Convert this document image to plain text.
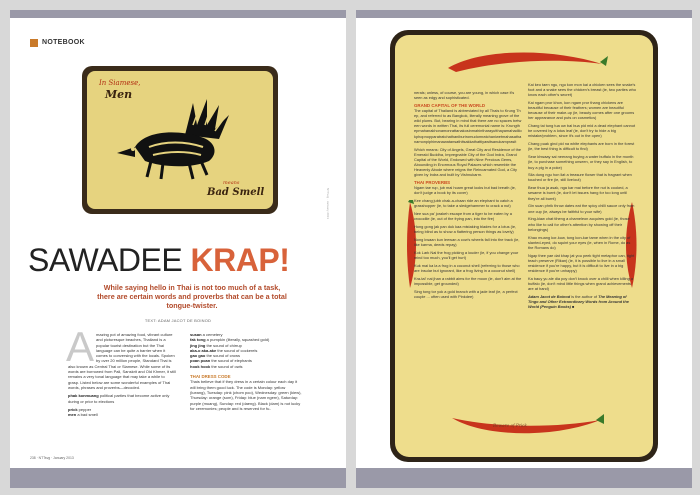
NOTEBOOK
In Siamese,
Men
means
Bad Smell
SAWADEE KRAP!
While saying hello in Thai is not too much of a task, there are certain words and proverbs that can be a total tongue-twister.
TEXT: ADAM JACOT DE BOINOD

Amazing pot of amazing food, vibrant culture and picturesque beaches, Thailand is a popular tourist destination but the Thai language can be quite a barrier when it comes to conversing with the locals. Spoken by over 20 million people, Standard Thai is also known as Central Thai or Siamese. While some of its words are borrowed from Pali, Sanskrit and Old Khmer, it still remains a very tonal language that may take a while to grasp. Listed below are some wonderful examples of Thai words, phrases and proverbs—decoded.

phak konmuang political parties that become active only during or prior to elections

prick pepper

men a bad smell

susan a cemetery
fak tong a pumpkin (literally, squashed gold)
jing jing the sound of chirrup
aka-o aka-ake the sound of cockerels
gao gao the sound of crows
poan poan the sound of elephants
hook hook the sound of owls
THAI DRESS CODE

Thais believe that if they dress in a certain colour each day it will bring them good luck. The code is Monday: yellow (lueang), Tuesday: pink (chom poo), Wednesday: green (kiew), Thursday: orange (som), Friday: blue (nam ngern), Saturday: purple (muang), Sunday: red (daeng). Black (dam) is not lucky for ceremonies; people and is reserved for fu-

238 · NTTsvg · January 2013

nerals; unless, of course, you are young, in which case it's seen as edgy and sophisticated.

GRAND CAPITAL OF THE WORLD

The capital of Thailand is abbreviated by all Thais to Krung Thep, and referred to as Bangkok, literally meaning grove of the wild plums. But, bearing in mind that there are no spaces between words in written Thai, its full ceremonial name is: Krungthepmahanakhonamonrattanakosinmahintharayutthayamahadilokphopnopparatratchathaniburiromudomratchaniwetmahasathanamonpiphimanawatansathitsakkathattiyawitsanukamprasit

Which means: City of Angels, Great City and Residence of the Emerald Buddha, Impregnable City of the God Indra, Grand Capital of the World, Endowed with Nine Precious Gems, Abounding in Enormous Royal Palaces which resemble the Heavenly Abode where reigns the Reincarnated God, a City given by Indra and built by Vishnukarm.

THAI PROVERBS

Ngam tae rup, jub mai hoam great looks but bad breath (ie, don't judge a book by its cover)

Kee chang jubb chak-a-chaan ride an elephant to catch a grasshopper (ie, to take a sledgehammer to crack a nut)

Nee sua pa' jorakeh escape from a tiger to be eaten by a crocodile (ie, out of the frying pan, into the fire)

Hong gong jak pan duk kaa mistaking blades for a lotus (ie, being blind as to show a flattering person things as lovely)

Nong kwaan kun leewan a cow's wheels fall into the track (ie, like karma, deeds repay)

Kok Lark Nai the frog picking a louder (ie, if you change your mind too much, you'll get hurt)

Kuk mai ka la a frog in a coconut shell (referring to those who are insular but ignorant, like a frog living in a coconut shell)

Kra-tai' nai jhan a rabbit aims for the moon (ie, don't aim at the impossible, get grounded)

Sing tong tor yok a gold branch with a jade leaf (ie, a perfect couple ... often used with Pinkdee)

Kai keo taen ngu, ngu kon mon kai a chicken sees the snake's foot and a snake sees the chicken's breast (ie, two parties who know each other's secret)

Kai ngam pror khon, kon ngam pror thang chickens are beautiful because of their feathers; women are beautiful because of their make-up (ie, beauty comes after one grooms her appearance and puts on cosmetics)

Chang tai tung tua ow bai bua pid mid a dead elephant cannot be covered by a lotus leaf (ie, don't try to hide a big mistake/problem, since it's out in the open)

Chang puak gind pid na white elephants are born in the forest (ie, the best thing is difficult to find)

Sear khwaay sai neerang buying a water buffalo in the month (ie, to purchase something unseen, or they say in English, to buy a pig in a poke)

Sila dung ngu hon liat a treasure flower that is fragrant when touched or fire (ie, still live/out)

Bear thua ja asak, nga kar mai before the nut is cooked, a sesame is burnt (ie, don't let issues hang for too long until they're all burnt)

Gin suan phrik throw dates eat the spicy chilli sauce only from one cup (ie, always be faithful to your wife)

King-kiaw chat tiheng a chameleon acquires gold (ie, those who like to call for other's attention by showing off their belongings)

Khao muang kor-kuw, tong kon-kar tame when in the city of slanted-eyed, do squint your eyes (ie, when in Rome, do as the Romans do)

Ngap thee yae dat khap jat you peek tight metaphor can, tight teach preserve (Rikan) (ie, it is possible to live in a small residence if you're happy, but it is difficult to live in a big residence if you're unhappy)

Ka bauy yu ale dia poy don't knock over a chilli when killing a buffalo (ie, don't mind little things when grand achievements are at hand)

Adam Jacot de Boinod is the author of The Meaning of Tingo and Other Extraordinary Words from Around the World (Penguin Books) ■

Beware of Prick
NTTsvg · January 2013
